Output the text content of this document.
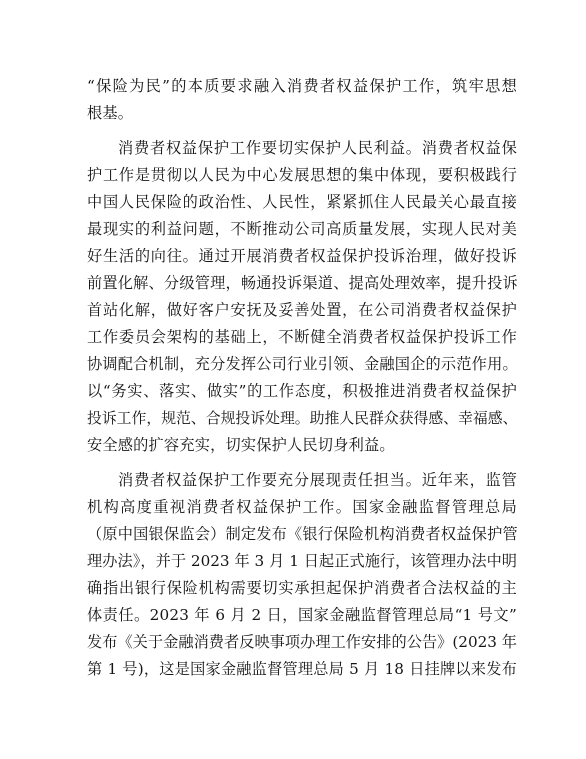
“保险为民”的本质要求融入消费者权益保护工作，筑牢思想
根基。
消费者权益保护工作要切实保护人民利益。消费者权益保
护工作是贯彻以人民为中心发展思想的集中体现，要积极践行
中国人民保险的政治性、人民性，紧紧抓住人民最关心最直接
最现实的利益问题，不断推动公司高质量发展，实现人民对美
好生活的向往。通过开展消费者权益保护投诉治理，做好投诉
前置化解、分级管理，畅通投诉渠道、提高处理效率，提升投诉
首站化解，做好客户安抚及妥善处置，在公司消费者权益保护
工作委员会架构的基础上，不断健全消费者权益保护投诉工作
协调配合机制，充分发挥公司行业引领、金融国企的示范作用。
以“务实、落实、做实”的工作态度，积极推进消费者权益保护
投诉工作，规范、合规投诉处理。助推人民群众获得感、幸福感、
安全感的扩容充实，切实保护人民切身利益。
消费者权益保护工作要充分展现责任担当。近年来，监管
机构高度重视消费者权益保护工作。国家金融监督管理总局
（原中国银保监会）制定发布《银行保险机构消费者权益保护管
理办法》，并于 2023 年 3 月 1 日起正式施行，该管理办法中明
确指出银行保险机构需要切实承担起保护消费者合法权益的主
体责任。2023 年 6 月 2 日，国家金融监督管理总局“1 号文”
发布《关于金融消费者反映事项办理工作安排的公告》(2023 年
第 1 号)，这是国家金融监督管理总局 5 月 18 日挂牌以来发布
